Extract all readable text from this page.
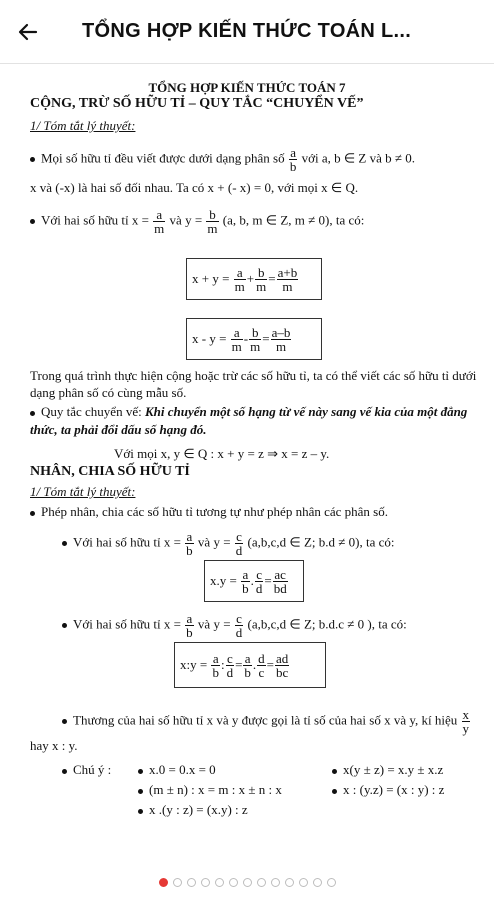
TỔNG HỢP KIẾN THỨC TOÁN L...
TỔNG HỢP KIẾN THỨC TOÁN 7
CỘNG, TRỪ SỐ HỮU TỈ – QUY TẮC “CHUYỂN VẾ”
1/ Tóm tắt lý thuyết:
Mọi số hữu tỉ đều viết được dưới dạng phân số $\frac{a}{b}$ với a, b ∈ Z và b ≠ 0.
x và (-x) là hai số đối nhau. Ta có x + (- x) = 0, với mọi x ∈ Q.
Với hai số hữu tỉ $x = \frac{a}{m}$ và $y = \frac{b}{m} (a$, b, m ∈ Z, m ≠ 0), ta có:
x + y =
$\frac{a}{m} + \frac{b}{m} = \frac{a+b}{m}$
x - y =
$\frac{a}{m} - \frac{b}{m} = \frac{a-b}{m}$
Trong quá trình thực hiện cộng hoặc trừ các số hữu tỉ, ta có thể viết các số hữu tỉ dưới
dạng phân số có cùng mẫu số.
Quy tắc chuyển vế: Khi chuyển một số hạng từ vế này sang vế kia của một đẳng
thức, ta phải đổi dấu số hạng đó.
Với mọi x, y ∈ Q : x + y = z ⇒ x = z – y.
NHÂN, CHIA SỐ HỮU TỈ
1/ Tóm tắt lý thuyết:
Phép nhân, chia các số hữu tỉ tương tự như phép nhân các phân số.
Với hai số hữu tỉ $x = \frac{a}{b}$ và $y = \frac{c}{d} (a,b,c,d$ ∈ Z; b.d ≠ 0), ta có:
x.y =
$\frac{a}{b}$ . $\frac{c}{d} = \frac{ac}{bd}$
Với hai số hữu tỉ $x = \frac{a}{b}$ và $y = \frac{c}{d} (a,b,c,d$ ∈ Z; b.d.c ≠ 0 ), ta có:
x:y =
$\frac{a}{b}$ : $\frac{c}{d} = \frac{a}{b}$ . $\frac{d}{c} = \frac{ad}{bc}$
Thương của hai số hữu tỉ x và y được gọi là tỉ số của hai số x và y, kí hiệu $\frac{x}{y}$
hay x : y.
Chú ý :	x.0 = 0.x = 0	x(y ± z) = x.y ± x.z
(m ± n) : x = m : x ± n : x	x : (y.z) = (x : y) : z
x .(y : z) = (x.y) : z
